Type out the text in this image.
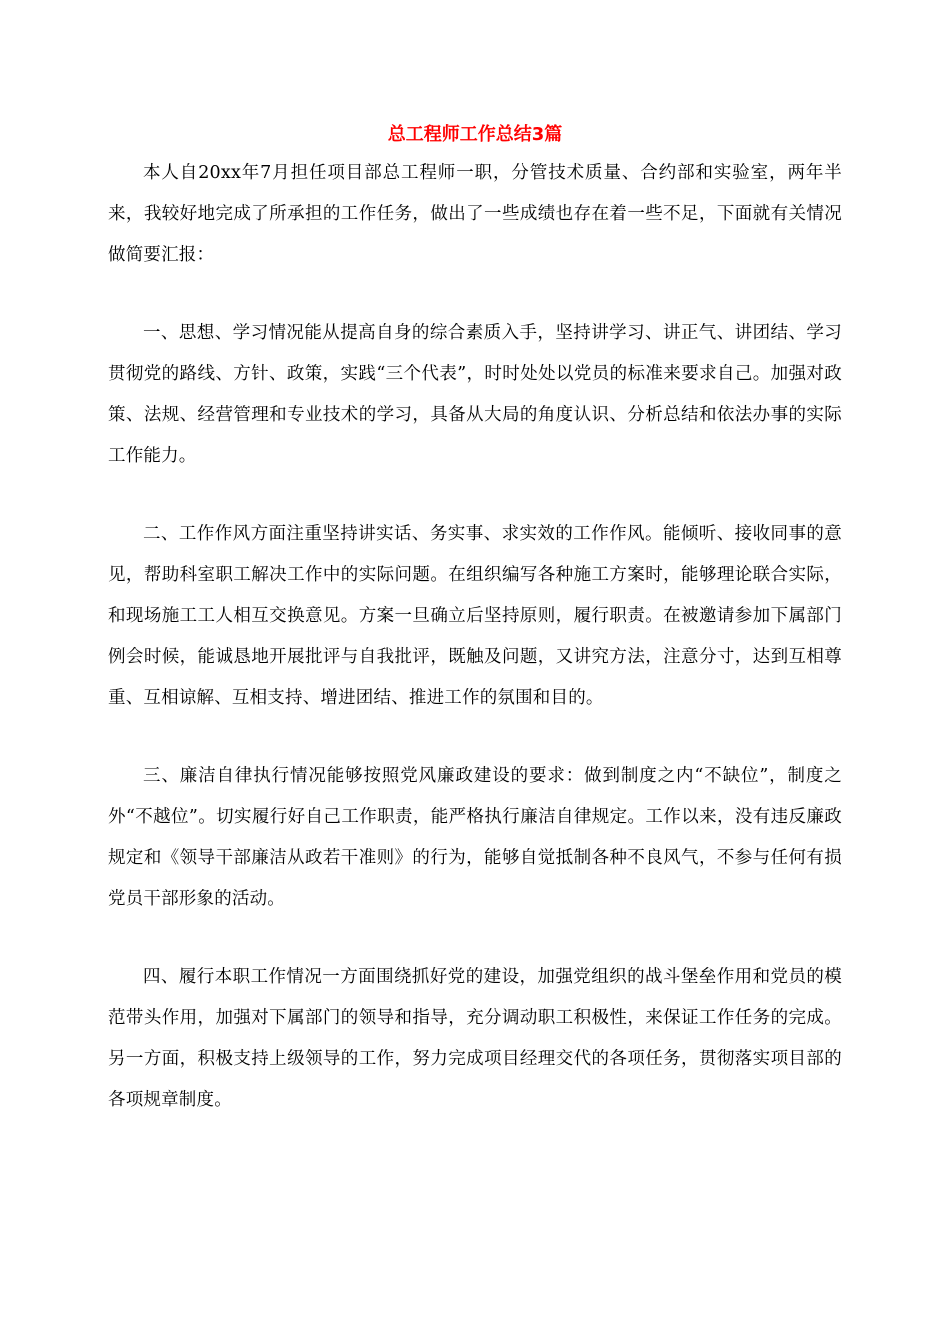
总工程师工作总结3篇

本人自20xx年7月担任项目部总工程师一职，分管技术质量、合约部和实验室，两年半来，我较好地完成了所承担的工作任务，做出了一些成绩也存在着一些不足，下面就有关情况做简要汇报：

一、思想、学习情况能从提高自身的综合素质入手，坚持讲学习、讲正气、讲团结、学习贯彻党的路线、方针、政策，实践“三个代表”，时时处处以党员的标准来要求自己。加强对政策、法规、经营管理和专业技术的学习，具备从大局的角度认识、分析总结和依法办事的实际工作能力。

二、工作作风方面注重坚持讲实话、务实事、求实效的工作作风。能倾听、接收同事的意见，帮助科室职工解决工作中的实际问题。在组织编写各种施工方案时，能够理论联合实际，和现场施工工人相互交换意见。方案一旦确立后坚持原则，履行职责。在被邀请参加下属部门例会时候，能诚恳地开展批评与自我批评，既触及问题，又讲究方法，注意分寸，达到互相尊重、互相谅解、互相支持、增进团结、推进工作的氛围和目的。

三、廉洁自律执行情况能够按照党风廉政建设的要求：做到制度之内“不缺位”，制度之外“不越位”。切实履行好自己工作职责，能严格执行廉洁自律规定。工作以来，没有违反廉政规定和《领导干部廉洁从政若干准则》的行为，能够自觉抵制各种不良风气，不参与任何有损党员干部形象的活动。

四、履行本职工作情况一方面围绕抓好党的建设，加强党组织的战斗堡垒作用和党员的模范带头作用，加强对下属部门的领导和指导，充分调动职工积极性，来保证工作任务的完成。另一方面，积极支持上级领导的工作，努力完成项目经理交代的各项任务，贯彻落实项目部的各项规章制度。
